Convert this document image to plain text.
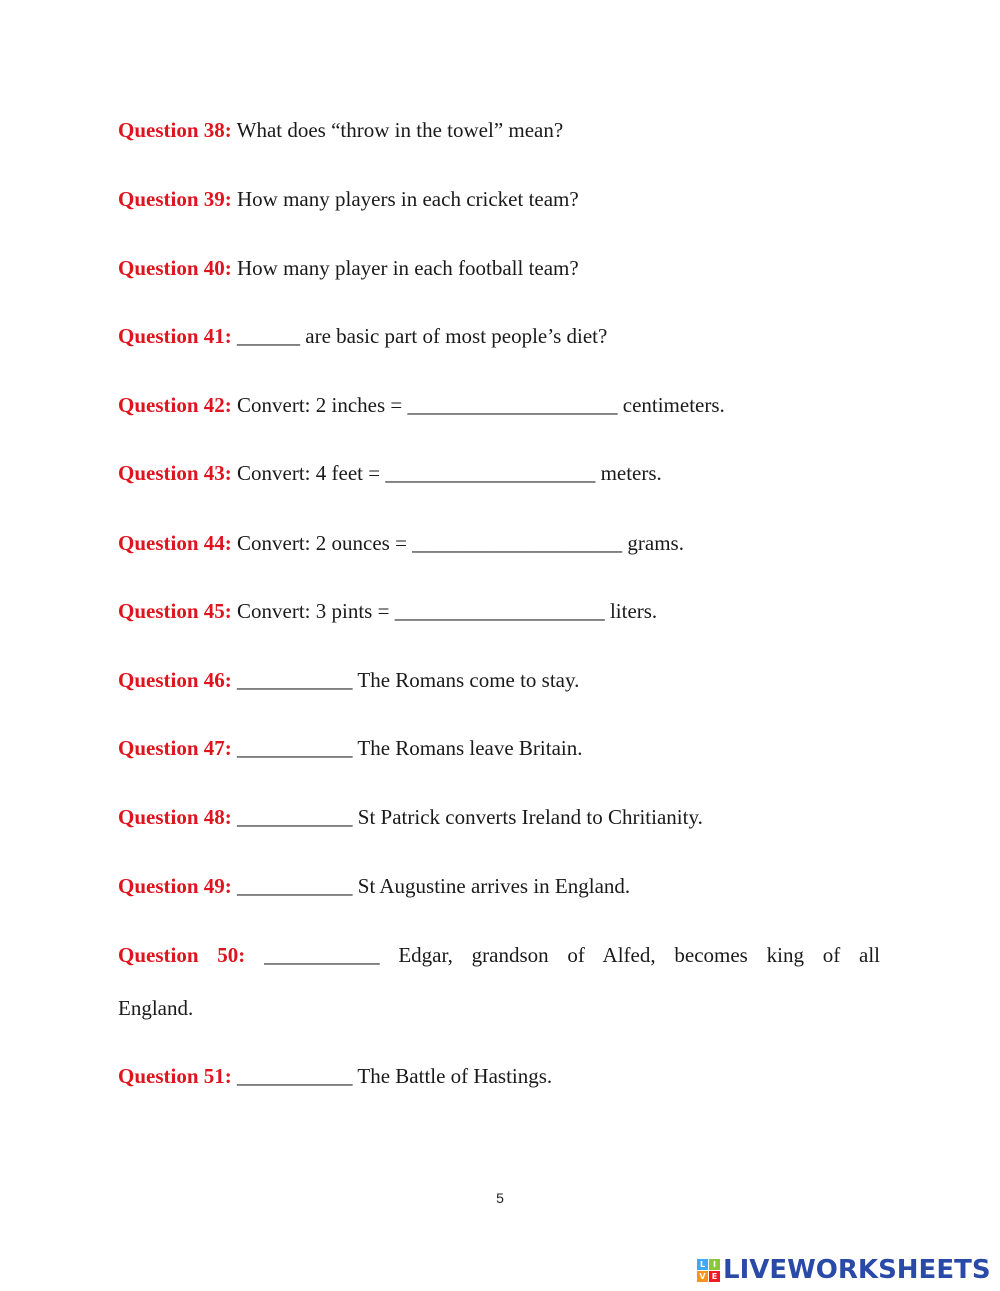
Question 38: What does “throw in the towel” mean?
Question 39: How many players in each cricket team?
Question 40: How many player in each football team?
Question 41: ______ are basic part of most people’s diet?
Question 42: Convert: 2 inches = ____________________ centimeters.
Question 43: Convert: 4 feet = ____________________ meters.
Question 44: Convert: 2 ounces = ____________________ grams.
Question 45: Convert: 3 pints = ____________________ liters.
Question 46: ___________ The Romans come to stay.
Question 47: ___________ The Romans leave Britain.
Question 48: ___________ St Patrick converts Ireland to Chritianity.
Question 49: ___________ St Augustine arrives in England.
Question 50: ___________ Edgar, grandson of Alfed, becomes king of all
England.
Question 51: ___________ The Battle of Hastings.
5
L I
V E LIVEWORKSHEETS
